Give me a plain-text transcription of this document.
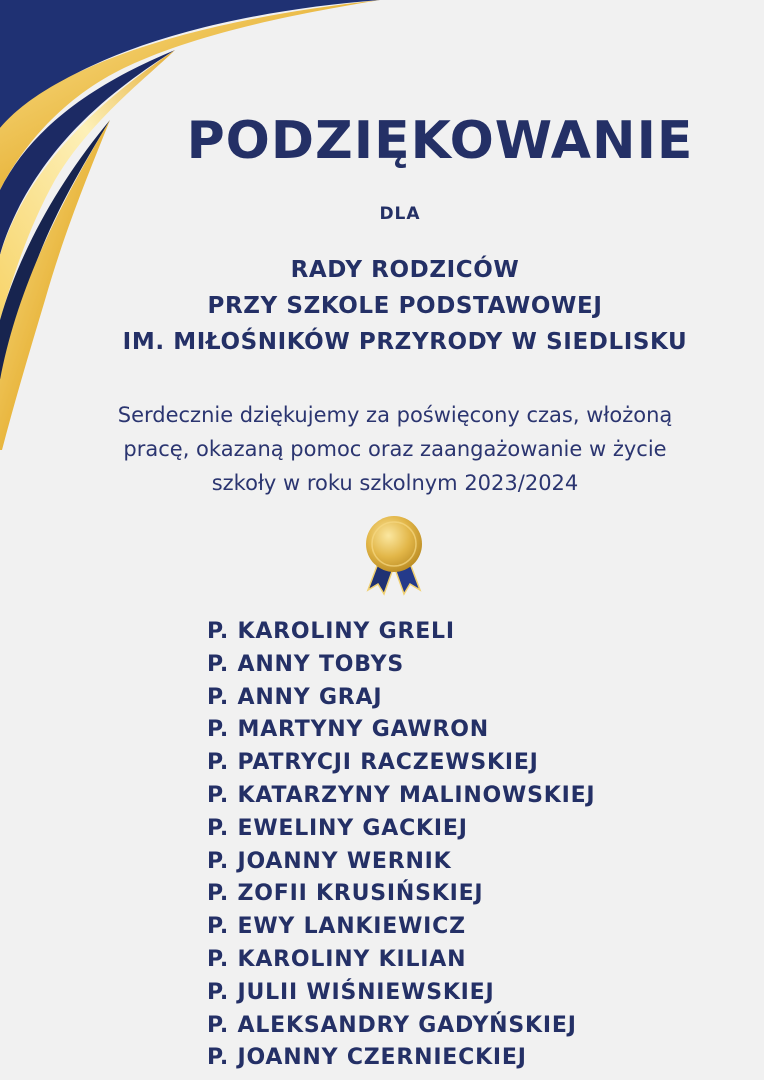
PODZIĘKOWANIE
DLA
RADY RODZICÓW
PRZY SZKOLE PODSTAWOWEJ
IM. MIŁOŚNIKÓW PRZYRODY W SIEDLISKU
Serdecznie dziękujemy za poświęcony czas, włożoną
pracę, okazaną pomoc oraz zaangażowanie w życie
szkoły w roku szkolnym 2023/2024
P. KAROLINY GRELI
P. ANNY TOBYS
P. ANNY GRAJ
P. MARTYNY GAWRON
P. PATRYCJI RACZEWSKIEJ
P. KATARZYNY MALINOWSKIEJ
P. EWELINY GACKIEJ
P. JOANNY WERNIK
P. ZOFII KRUSIŃSKIEJ
P. EWY LANKIEWICZ
P. KAROLINY KILIAN
P. JULII WIŚNIEWSKIEJ
P. ALEKSANDRY GADYŃSKIEJ
P. JOANNY CZERNIECKIEJ
